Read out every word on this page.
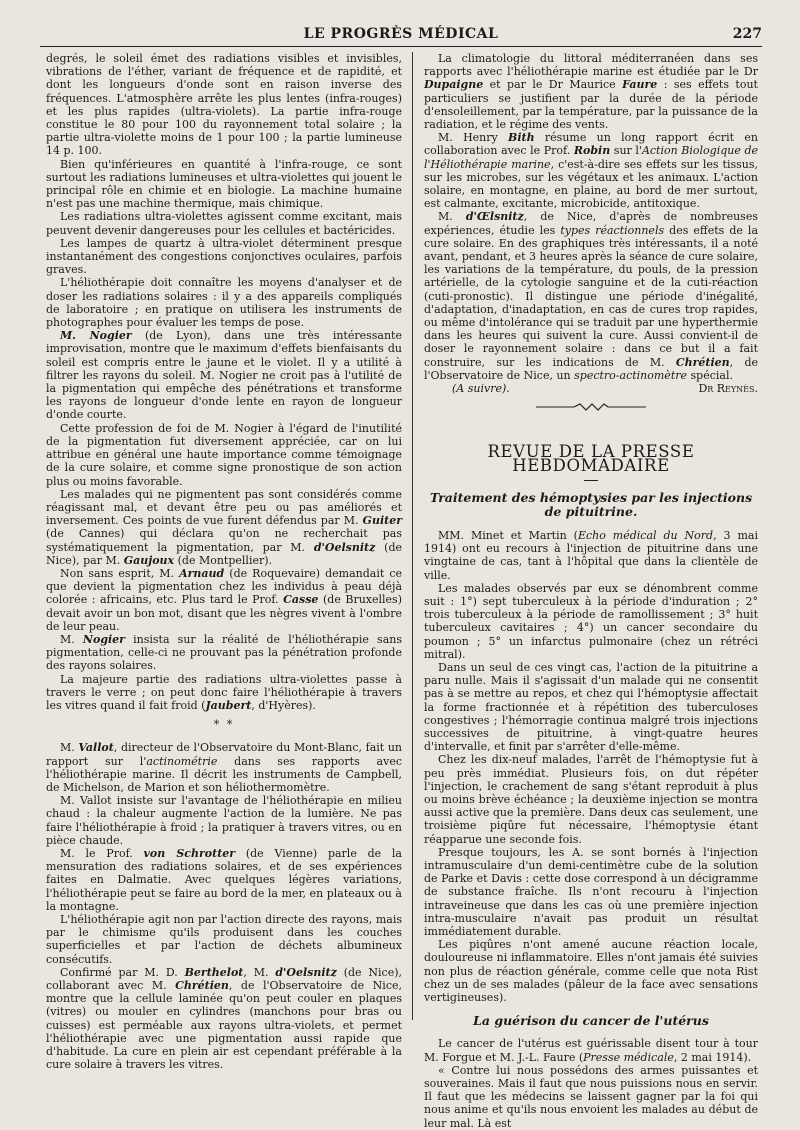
LE PROGRÈS MÉDICAL	227

degrés, le soleil émet des radiations visibles et invisibles, vibrations de l'éther, variant de fréquence et de rapidité, et dont les longueurs d'onde sont en raison inverse des fréquences. L'atmosphère arrête les plus lentes (infra-rouges) et les plus rapides (ultra-violets). La partie infra-rouge constitue le 80 pour 100 du rayonnement total solaire ; la partie ultra-violette moins de 1 pour 100 ; la partie lumineuse 14 p. 100.

Bien qu'inférieures en quantité à l'infra-rouge, ce sont surtout les radiations lumineuses et ultra-violettes qui jouent le principal rôle en chimie et en biologie. La machine humaine n'est pas une machine thermique, mais chimique.

Les radiations ultra-violettes agissent comme excitant, mais peuvent devenir dangereuses pour les cellules et bactéricides.

Les lampes de quartz à ultra-violet déterminent presque instantanément des congestions conjonctives oculaires, parfois graves.

L'héliothérapie doit connaître les moyens d'analyser et de doser les radiations solaires : il y a des appareils compliqués de laboratoire ; en pratique on utilisera les instruments de photographes pour évaluer les temps de pose.

M. Nogier (de Lyon), dans une très intéressante improvisation, montre que le maximum d'effets bienfaisants du soleil est compris entre le jaune et le violet. Il y a utilité à filtrer les rayons du soleil. M. Nogier ne croit pas à l'utilité de la pigmentation qui empêche des pénétrations et transforme les rayons de longueur d'onde lente en rayon de longueur d'onde courte.

Cette profession de foi de M. Nogier à l'égard de l'inutilité de la pigmentation fut diversement appréciée, car on lui attribue en général une haute importance comme témoignage de la cure solaire, et comme signe pronostique de son action plus ou moins favorable.

Les malades qui ne pigmentent pas sont considérés comme réagissant mal, et devant être peu ou pas améliorés et inversement. Ces points de vue furent défendus par M. Guiter (de Cannes) qui déclara qu'on ne recherchait pas systématiquement la pigmentation, par M. d'Oelsnitz (de Nice), par M. Gaujoux (de Montpellier).

Non sans esprit, M. Arnaud (de Roquevaire) demandait ce que devient la pigmentation chez les individus à peau déjà colorée : africains, etc. Plus tard le Prof. Casse (de Bruxelles) devait avoir un bon mot, disant que les nègres vivent à l'ombre de leur peau.

M. Nogier insista sur la réalité de l'héliothérapie sans pigmentation, celle-ci ne prouvant pas la pénétration profonde des rayons solaires.

La majeure partie des radiations ultra-violettes passe à travers le verre ; on peut donc faire l'héliothérapie à travers les vitres quand il fait froid (Jaubert, d'Hyères).

* *

M. Vallot, directeur de l'Observatoire du Mont-Blanc, fait un rapport sur l'actinométrie dans ses rapports avec l'héliothérapie marine. Il décrit les instruments de Campbell, de Michelson, de Marion et son héliothermomètre.

M. Vallot insiste sur l'avantage de l'héliothérapie en milieu chaud : la chaleur augmente l'action de la lumière. Ne pas faire l'héliothérapie à froid ; la pratiquer à travers vitres, ou en pièce chaude.

M. le Prof. von Schrotter (de Vienne) parle de la mensuration des radiations solaires, et de ses expériences faites en Dalmatie. Avec quelques légères variations, l'héliothérapie peut se faire au bord de la mer, en plateaux ou à la montagne.

L'héliothérapie agit non par l'action directe des rayons, mais par le chimisme qu'ils produisent dans les couches superficielles et par l'action de déchets albumineux consécutifs.

Confirmé par M. D. Berthelot, M. d'Oelsnitz (de Nice), collaborant avec M. Chrétien, de l'Observatoire de Nice, montre que la cellule laminée qu'on peut couler en plaques (vitres) ou mouler en cylindres (manchons pour bras ou cuisses) est perméable aux rayons ultra-violets, et permet l'héliothérapie avec une pigmentation aussi rapide que d'habitude. La cure en plein air est cependant préférable à la cure solaire à travers les vitres.

La climatologie du littoral méditerranéen dans ses rapports avec l'héliothérapie marine est étudiée par le Dr Dupaigne et par le Dr Maurice Faure : ses effets tout particuliers se justifient par la durée de la période d'ensoleillement, par la température, par la puissance de la radiation, et le régime des vents.

M. Henry Bith résume un long rapport écrit en collaboration avec le Prof. Robin sur l'Action Biologique de l'Héliothérapie marine, c'est-à-dire ses effets sur les tissus, sur les microbes, sur les végétaux et les animaux. L'action solaire, en montagne, en plaine, au bord de mer surtout, est calmante, excitante, microbicide, antitoxique.

M. d'Œlsnitz, de Nice, d'après de nombreuses expériences, étudie les types réactionnels des effets de la cure solaire. En des graphiques très intéressants, il a noté avant, pendant, et 3 heures après la séance de cure solaire, les variations de la température, du pouls, de la pression artérielle, de la cytologie sanguine et de la cuti-réaction (cuti-pronostic). Il distingue une période d'inégalité, d'adaptation, d'inadaptation, en cas de cures trop rapides, ou même d'intolérance qui se traduit par une hyperthermie dans les heures qui suivent la cure. Aussi convient-il de doser le rayonnement solaire : dans ce but il a fait construire, sur les indications de M. Chrétien, de l'Observatoire de Nice, un spectro-actinomètre spécial.

(A suivre).	Dr Reynès.

REVUE DE LA PRESSE HEBDOMADAIRE
Traitement des hémoptysies par les injections de pituitrine.

MM. Minet et Martin (Echo médical du Nord, 3 mai 1914) ont eu recours à l'injection de pituitrine dans une vingtaine de cas, tant à l'hôpital que dans la clientèle de ville.

Les malades observés par eux se dénombrent comme suit : 1°) sept tuberculeux à la période d'induration ; 2° trois tuberculeux à la période de ramollissement ; 3° huit tuberculeux cavitaires ; 4°) un cancer secondaire du poumon ; 5° un infarctus pulmonaire (chez un rétréci mitral).

Dans un seul de ces vingt cas, l'action de la pituitrine a paru nulle. Mais il s'agissait d'un malade qui ne consentit pas à se mettre au repos, et chez qui l'hémoptysie affectait la forme fractionnée et à répétition des tuberculoses congestives ; l'hémorragie continua malgré trois injections successives de pituitrine, à vingt-quatre heures d'intervalle, et finit par s'arrêter d'elle-même.

Chez les dix-neuf malades, l'arrêt de l'hémoptysie fut à peu près immédiat. Plusieurs fois, on dut répéter l'injection, le crachement de sang s'étant reproduit à plus ou moins brève échéance ; la deuxième injection se montra aussi active que la première. Dans deux cas seulement, une troisième piqûre fut nécessaire, l'hémoptysie étant réapparue une seconde fois.

Presque toujours, les A. se sont bornés à l'injection intramusculaire d'un demi-centimètre cube de la solution de Parke et Davis : cette dose correspond à un décigramme de substance fraîche. Ils n'ont recouru à l'injection intraveineuse que dans les cas où une première injection intra-musculaire n'avait pas produit un résultat immédiatement durable.

Les piqûres n'ont amené aucune réaction locale, douloureuse ni inflammatoire. Elles n'ont jamais été suivies non plus de réaction générale, comme celle que nota Rist chez un de ses malades (pâleur de la face avec sensations vertigineuses).

La guérison du cancer de l'utérus

Le cancer de l'utérus est guérissable disent tour à tour M. Forgue et M. J.-L. Faure (Presse médicale, 2 mai 1914).

« Contre lui nous possédons des armes puissantes et souveraines. Mais il faut que nous puissions nous en servir. Il faut que les médecins se laissent gagner par la foi qui nous anime et qu'ils nous envoient les malades au début de leur mal. Là est
